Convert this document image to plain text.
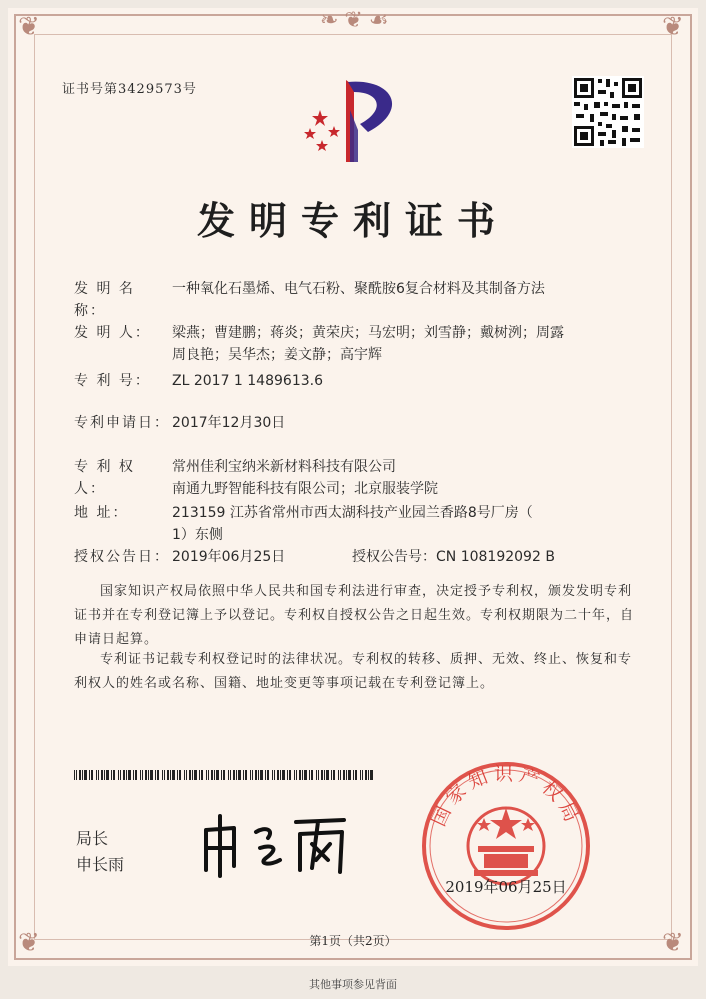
❦	❦
❦	❦
❧❦☙
证书号第3429573号
发明专利证书
发 明 名 称：
一种氧化石墨烯、电气石粉、聚酰胺6复合材料及其制备方法
发 明 人：	梁燕；曹建鹏；蒋炎；黄荣庆；马宏明；刘雪静；戴树洌；周露
周良艳；吴华杰；姜文静；高宇辉
专 利 号：	ZL 2017 1 1489613.6
专利申请日： 2017年12月30日
专 利 权 人：
常州佳利宝纳米新材料科技有限公司
南通九野智能科技有限公司；北京服装学院
地 址：	213159 江苏省常州市西太湖科技产业园兰香路8号厂房（
1）东侧
授权公告日： 2019年06月25日	授权公告号：CN 108192092 B
国家知识产权局依照中华人民共和国专利法进行审查，决定授予专利权，颁发发明专利证书并在专利登记簿上予以登记。专利权自授权公告之日起生效。专利权期限为二十年，自申请日起算。
专利证书记载专利权登记时的法律状况。专利权的转移、质押、无效、终止、恢复和专利权人的姓名或名称、国籍、地址变更等事项记载在专利登记簿上。
局长
申长雨
国家知识产权局
2019年06月25日
第1页（共2页）
其他事项参见背面
